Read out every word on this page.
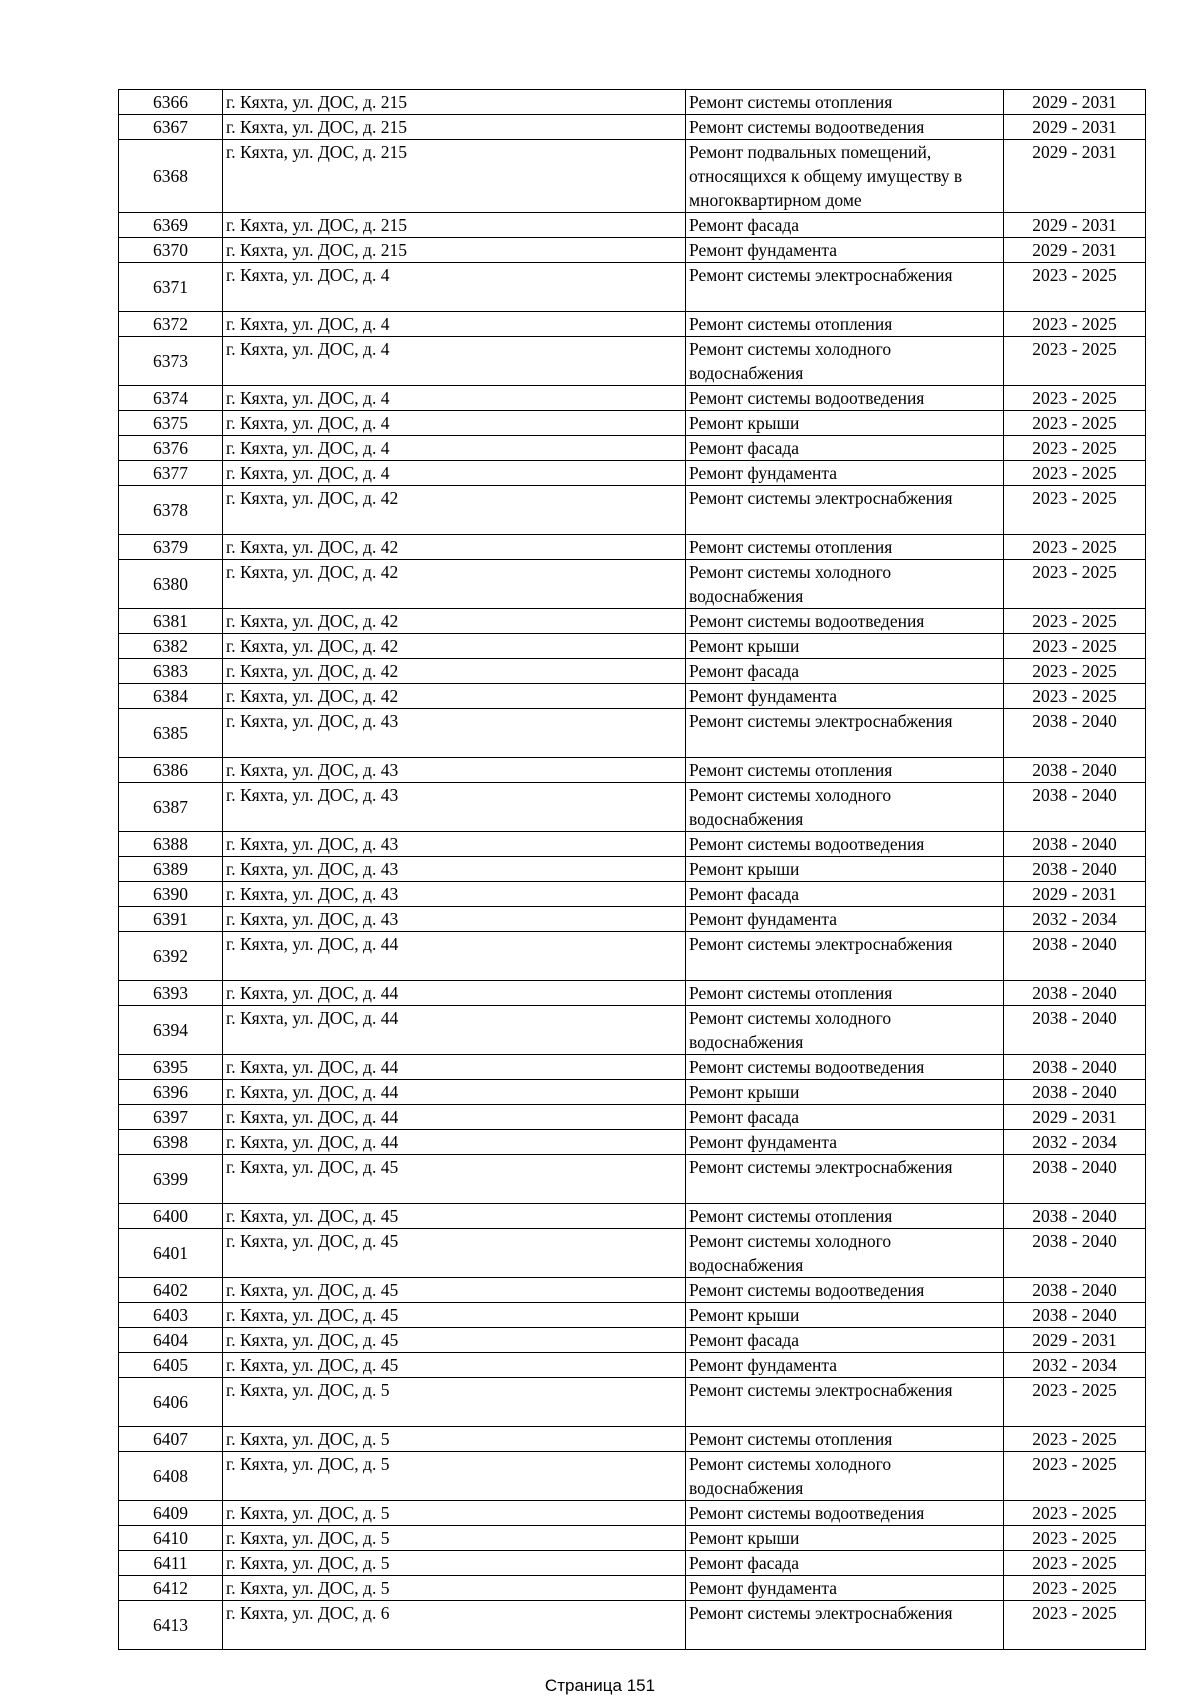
6366	г. Кяхта, ул. ДОС, д. 215	Ремонт системы отопления	2029 - 2031
6367	г. Кяхта, ул. ДОС, д. 215	Ремонт системы водоотведения	2029 - 2031
6368	г. Кяхта, ул. ДОС, д. 215	Ремонт подвальных помещений, относящихся к общему имуществу в многоквартирном доме	2029 - 2031
6369	г. Кяхта, ул. ДОС, д. 215	Ремонт фасада	2029 - 2031
6370	г. Кяхта, ул. ДОС, д. 215	Ремонт фундамента	2029 - 2031
6371	г. Кяхта, ул. ДОС, д. 4	Ремонт системы электроснабжения	2023 - 2025
6372	г. Кяхта, ул. ДОС, д. 4	Ремонт системы отопления	2023 - 2025
6373	г. Кяхта, ул. ДОС, д. 4	Ремонт системы холодного водоснабжения	2023 - 2025
6374	г. Кяхта, ул. ДОС, д. 4	Ремонт системы водоотведения	2023 - 2025
6375	г. Кяхта, ул. ДОС, д. 4	Ремонт крыши	2023 - 2025
6376	г. Кяхта, ул. ДОС, д. 4	Ремонт фасада	2023 - 2025
6377	г. Кяхта, ул. ДОС, д. 4	Ремонт фундамента	2023 - 2025
6378	г. Кяхта, ул. ДОС, д. 42	Ремонт системы электроснабжения	2023 - 2025
6379	г. Кяхта, ул. ДОС, д. 42	Ремонт системы отопления	2023 - 2025
6380	г. Кяхта, ул. ДОС, д. 42	Ремонт системы холодного водоснабжения	2023 - 2025
6381	г. Кяхта, ул. ДОС, д. 42	Ремонт системы водоотведения	2023 - 2025
6382	г. Кяхта, ул. ДОС, д. 42	Ремонт крыши	2023 - 2025
6383	г. Кяхта, ул. ДОС, д. 42	Ремонт фасада	2023 - 2025
6384	г. Кяхта, ул. ДОС, д. 42	Ремонт фундамента	2023 - 2025
6385	г. Кяхта, ул. ДОС, д. 43	Ремонт системы электроснабжения	2038 - 2040
6386	г. Кяхта, ул. ДОС, д. 43	Ремонт системы отопления	2038 - 2040
6387	г. Кяхта, ул. ДОС, д. 43	Ремонт системы холодного водоснабжения	2038 - 2040
6388	г. Кяхта, ул. ДОС, д. 43	Ремонт системы водоотведения	2038 - 2040
6389	г. Кяхта, ул. ДОС, д. 43	Ремонт крыши	2038 - 2040
6390	г. Кяхта, ул. ДОС, д. 43	Ремонт фасада	2029 - 2031
6391	г. Кяхта, ул. ДОС, д. 43	Ремонт фундамента	2032 - 2034
6392	г. Кяхта, ул. ДОС, д. 44	Ремонт системы электроснабжения	2038 - 2040
6393	г. Кяхта, ул. ДОС, д. 44	Ремонт системы отопления	2038 - 2040
6394	г. Кяхта, ул. ДОС, д. 44	Ремонт системы холодного водоснабжения	2038 - 2040
6395	г. Кяхта, ул. ДОС, д. 44	Ремонт системы водоотведения	2038 - 2040
6396	г. Кяхта, ул. ДОС, д. 44	Ремонт крыши	2038 - 2040
6397	г. Кяхта, ул. ДОС, д. 44	Ремонт фасада	2029 - 2031
6398	г. Кяхта, ул. ДОС, д. 44	Ремонт фундамента	2032 - 2034
6399	г. Кяхта, ул. ДОС, д. 45	Ремонт системы электроснабжения	2038 - 2040
6400	г. Кяхта, ул. ДОС, д. 45	Ремонт системы отопления	2038 - 2040
6401	г. Кяхта, ул. ДОС, д. 45	Ремонт системы холодного водоснабжения	2038 - 2040
6402	г. Кяхта, ул. ДОС, д. 45	Ремонт системы водоотведения	2038 - 2040
6403	г. Кяхта, ул. ДОС, д. 45	Ремонт крыши	2038 - 2040
6404	г. Кяхта, ул. ДОС, д. 45	Ремонт фасада	2029 - 2031
6405	г. Кяхта, ул. ДОС, д. 45	Ремонт фундамента	2032 - 2034
6406	г. Кяхта, ул. ДОС, д. 5	Ремонт системы электроснабжения	2023 - 2025
6407	г. Кяхта, ул. ДОС, д. 5	Ремонт системы отопления	2023 - 2025
6408	г. Кяхта, ул. ДОС, д. 5	Ремонт системы холодного водоснабжения	2023 - 2025
6409	г. Кяхта, ул. ДОС, д. 5	Ремонт системы водоотведения	2023 - 2025
6410	г. Кяхта, ул. ДОС, д. 5	Ремонт крыши	2023 - 2025
6411	г. Кяхта, ул. ДОС, д. 5	Ремонт фасада	2023 - 2025
6412	г. Кяхта, ул. ДОС, д. 5	Ремонт фундамента	2023 - 2025
6413	г. Кяхта, ул. ДОС, д. 6	Ремонт системы электроснабжения	2023 - 2025
Страница 151
